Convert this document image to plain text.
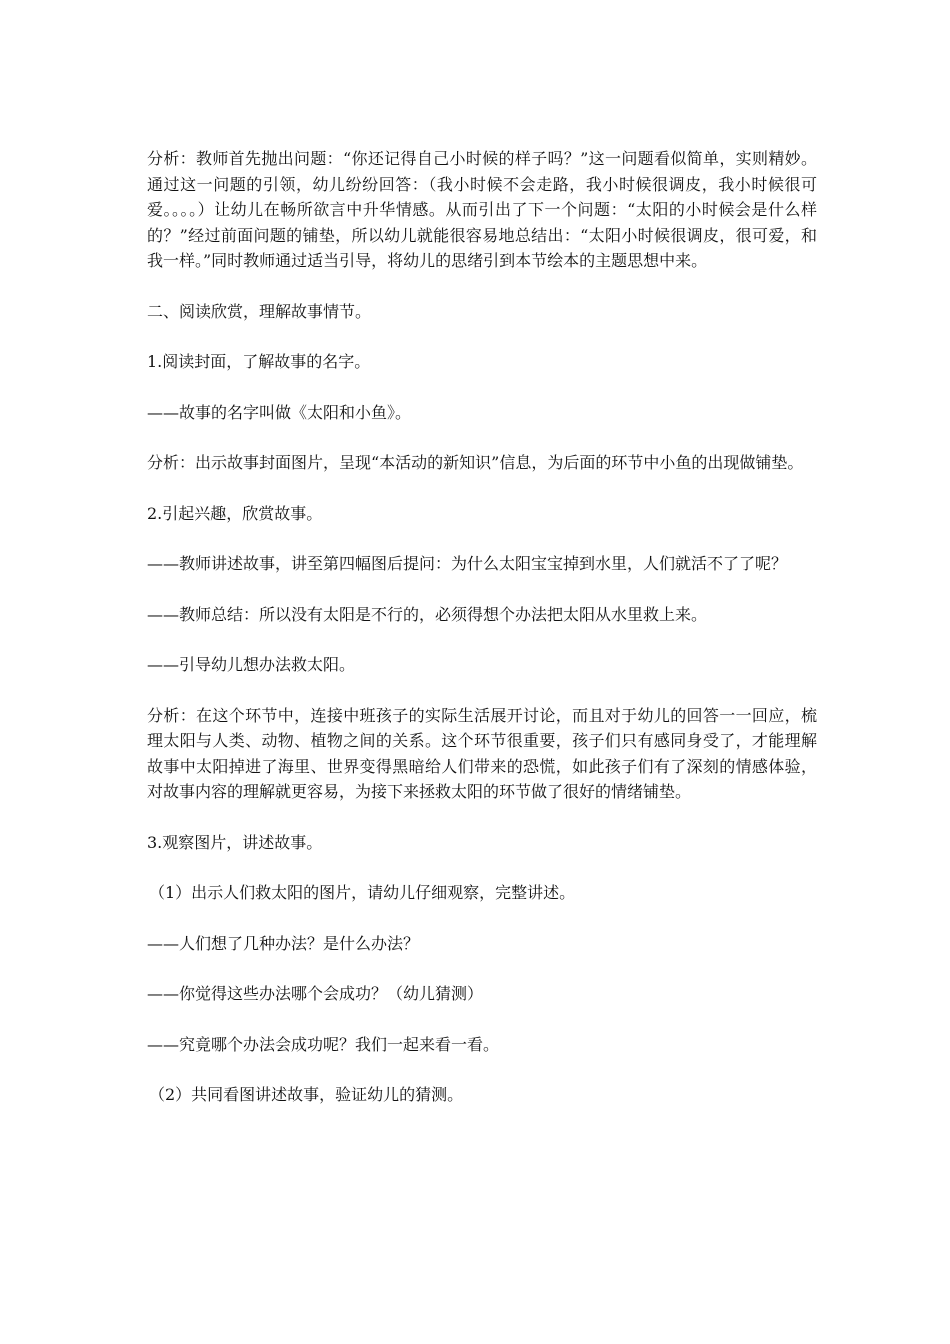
分析：教师首先抛出问题：“你还记得自己小时候的样子吗？”这一问题看似简单，实则精妙。通过这一问题的引领，幼儿纷纷回答：（我小时候不会走路，我小时候很调皮，我小时候很可爱。。。。）让幼儿在畅所欲言中升华情感。从而引出了下一个问题：“太阳的小时候会是什么样的？”经过前面问题的铺垫，所以幼儿就能很容易地总结出：“太阳小时候很调皮，很可爱，和我一样。”同时教师通过适当引导，将幼儿的思绪引到本节绘本的主题思想中来。

二、阅读欣赏，理解故事情节。

1.阅读封面，了解故事的名字。

——故事的名字叫做《太阳和小鱼》。

分析：出示故事封面图片，呈现“本活动的新知识”信息，为后面的环节中小鱼的出现做铺垫。

2.引起兴趣，欣赏故事。

——教师讲述故事，讲至第四幅图后提问：为什么太阳宝宝掉到水里，人们就活不了了呢？

——教师总结：所以没有太阳是不行的，必须得想个办法把太阳从水里救上来。

——引导幼儿想办法救太阳。

分析：在这个环节中，连接中班孩子的实际生活展开讨论，而且对于幼儿的回答一一回应，梳理太阳与人类、动物、植物之间的关系。这个环节很重要，孩子们只有感同身受了，才能理解故事中太阳掉进了海里、世界变得黑暗给人们带来的恐慌，如此孩子们有了深刻的情感体验，对故事内容的理解就更容易，为接下来拯救太阳的环节做了很好的情绪铺垫。

3.观察图片，讲述故事。

（1）出示人们救太阳的图片，请幼儿仔细观察，完整讲述。

——人们想了几种办法？是什么办法？

——你觉得这些办法哪个会成功？（幼儿猜测）

——究竟哪个办法会成功呢？我们一起来看一看。

（2）共同看图讲述故事，验证幼儿的猜测。
